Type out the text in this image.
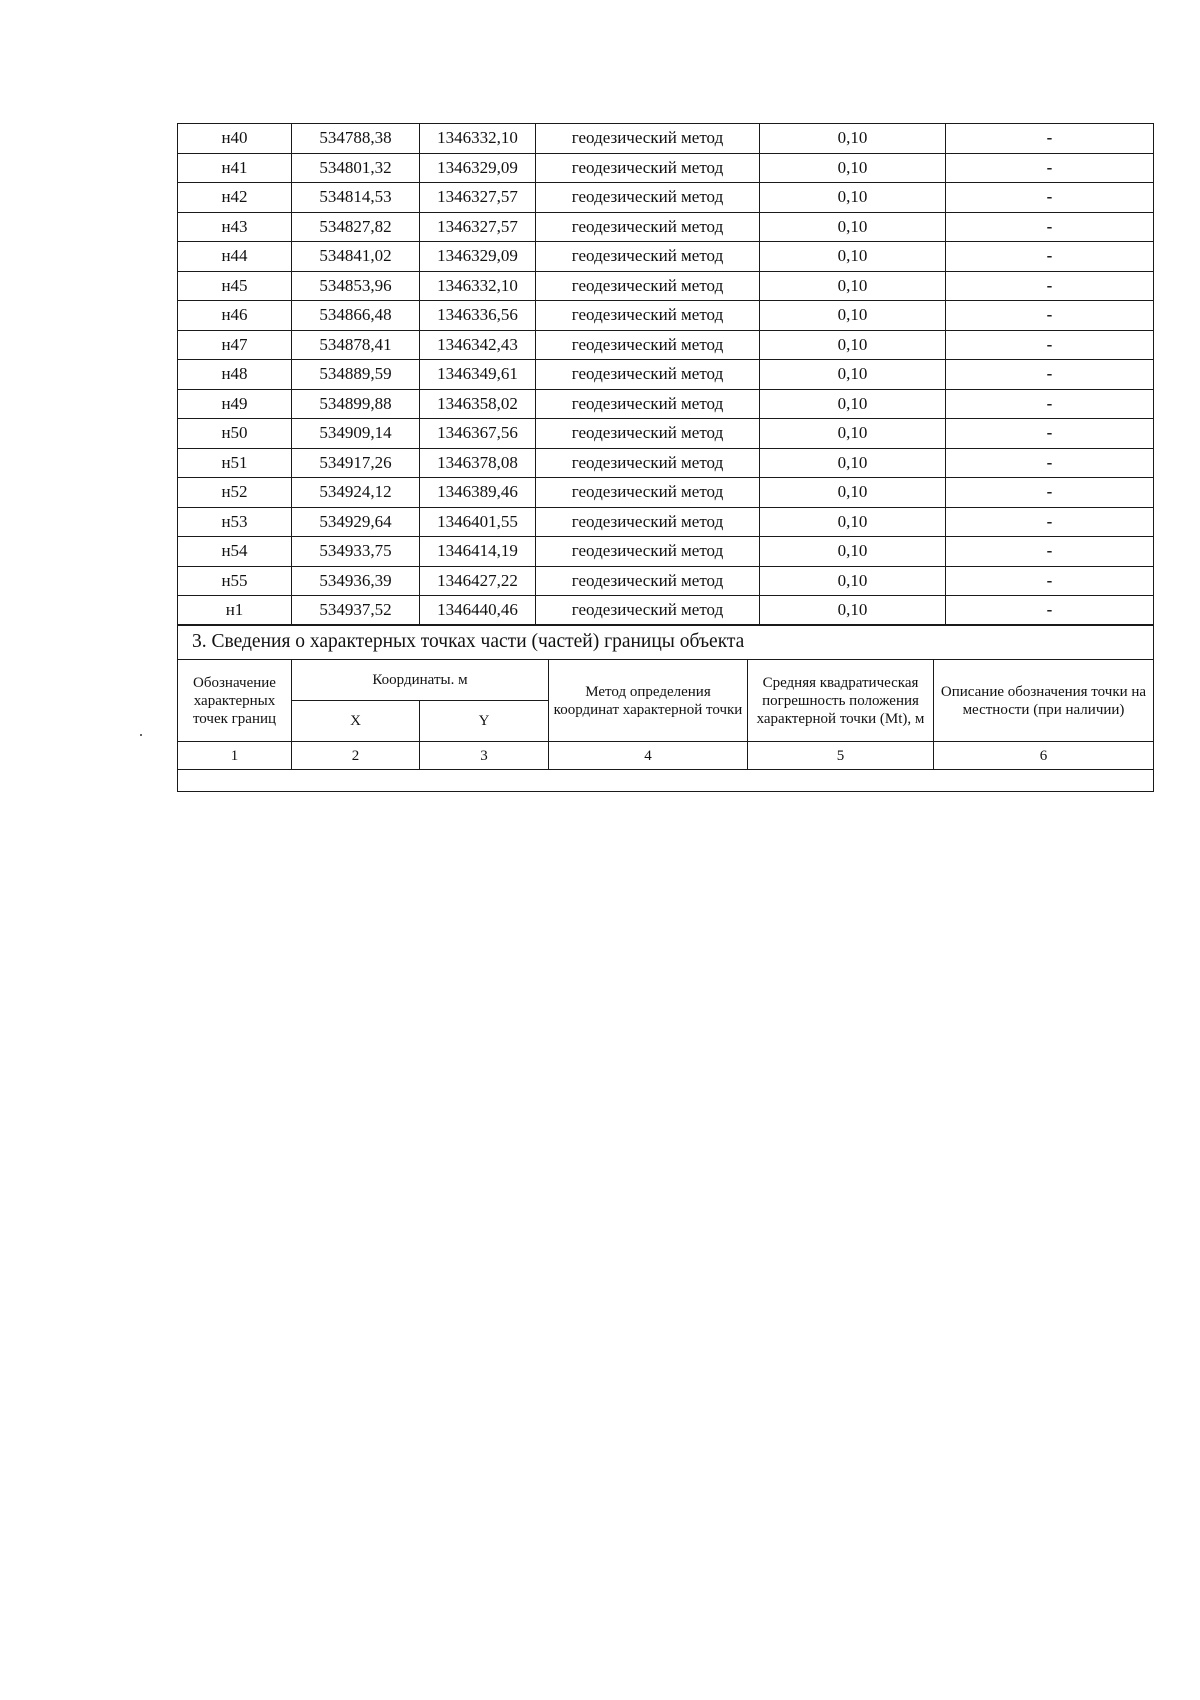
н40	534788,38	1346332,10	геодезический метод	0,10	-
н41	534801,32	1346329,09	геодезический метод	0,10	-
н42	534814,53	1346327,57	геодезический метод	0,10	-
н43	534827,82	1346327,57	геодезический метод	0,10	-
н44	534841,02	1346329,09	геодезический метод	0,10	-
н45	534853,96	1346332,10	геодезический метод	0,10	-
н46	534866,48	1346336,56	геодезический метод	0,10	-
н47	534878,41	1346342,43	геодезический метод	0,10	-
н48	534889,59	1346349,61	геодезический метод	0,10	-
н49	534899,88	1346358,02	геодезический метод	0,10	-
н50	534909,14	1346367,56	геодезический метод	0,10	-
н51	534917,26	1346378,08	геодезический метод	0,10	-
н52	534924,12	1346389,46	геодезический метод	0,10	-
н53	534929,64	1346401,55	геодезический метод	0,10	-
н54	534933,75	1346414,19	геодезический метод	0,10	-
н55	534936,39	1346427,22	геодезический метод	0,10	-
н1	534937,52	1346440,46	геодезический метод	0,10	-
3. Сведения о характерных точках части (частей) границы объекта					
Обозначение характерных точек границ	Координаты. м		Метод определения координат характерной точки	Средняя квадратическая погрешность положения характерной точки (Mt), м	Описание обозначения точки на местности (при наличии)
	X	Y			
1	2	3	4	5	6
